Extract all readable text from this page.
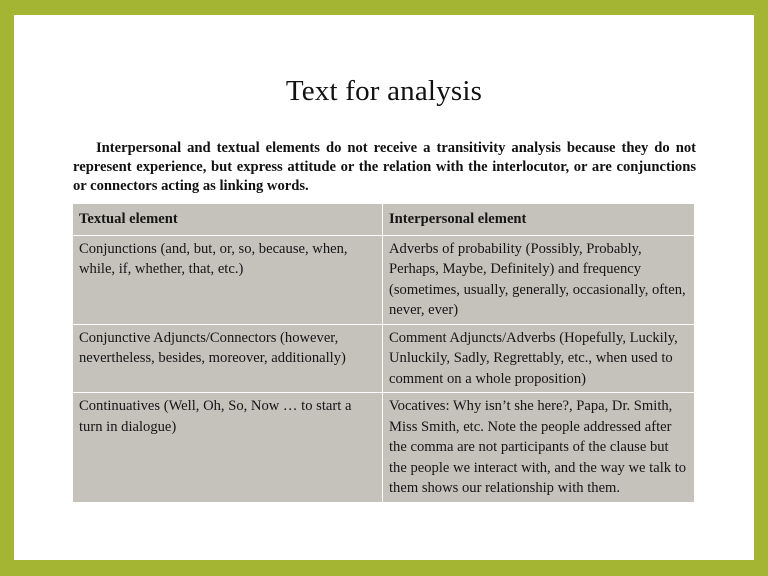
Text for analysis

Interpersonal and textual elements do not receive a transitivity analysis because they do not represent experience, but express attitude or the relation with the interlocutor, or are conjunctions or connectors acting as linking words.

Textual element	Interpersonal element
Conjunctions (and, but, or, so, because, when, while, if, whether, that, etc.)	Adverbs of probability (Possibly, Probably, Perhaps, Maybe, Definitely) and frequency (sometimes, usually, generally, occasionally, often, never, ever)
Conjunctive Adjuncts/Connectors (however, nevertheless, besides, moreover, additionally)	Comment Adjuncts/Adverbs (Hopefully, Luckily, Unluckily, Sadly, Regrettably, etc., when used to comment on a whole proposition)
Continuatives (Well, Oh, So, Now … to start a turn in dialogue)	Vocatives: Why isn’t she here?, Papa, Dr. Smith, Miss Smith, etc. Note the people addressed after the comma are not participants of the clause but the people we interact with, and the way we talk to them shows our relationship with them.
